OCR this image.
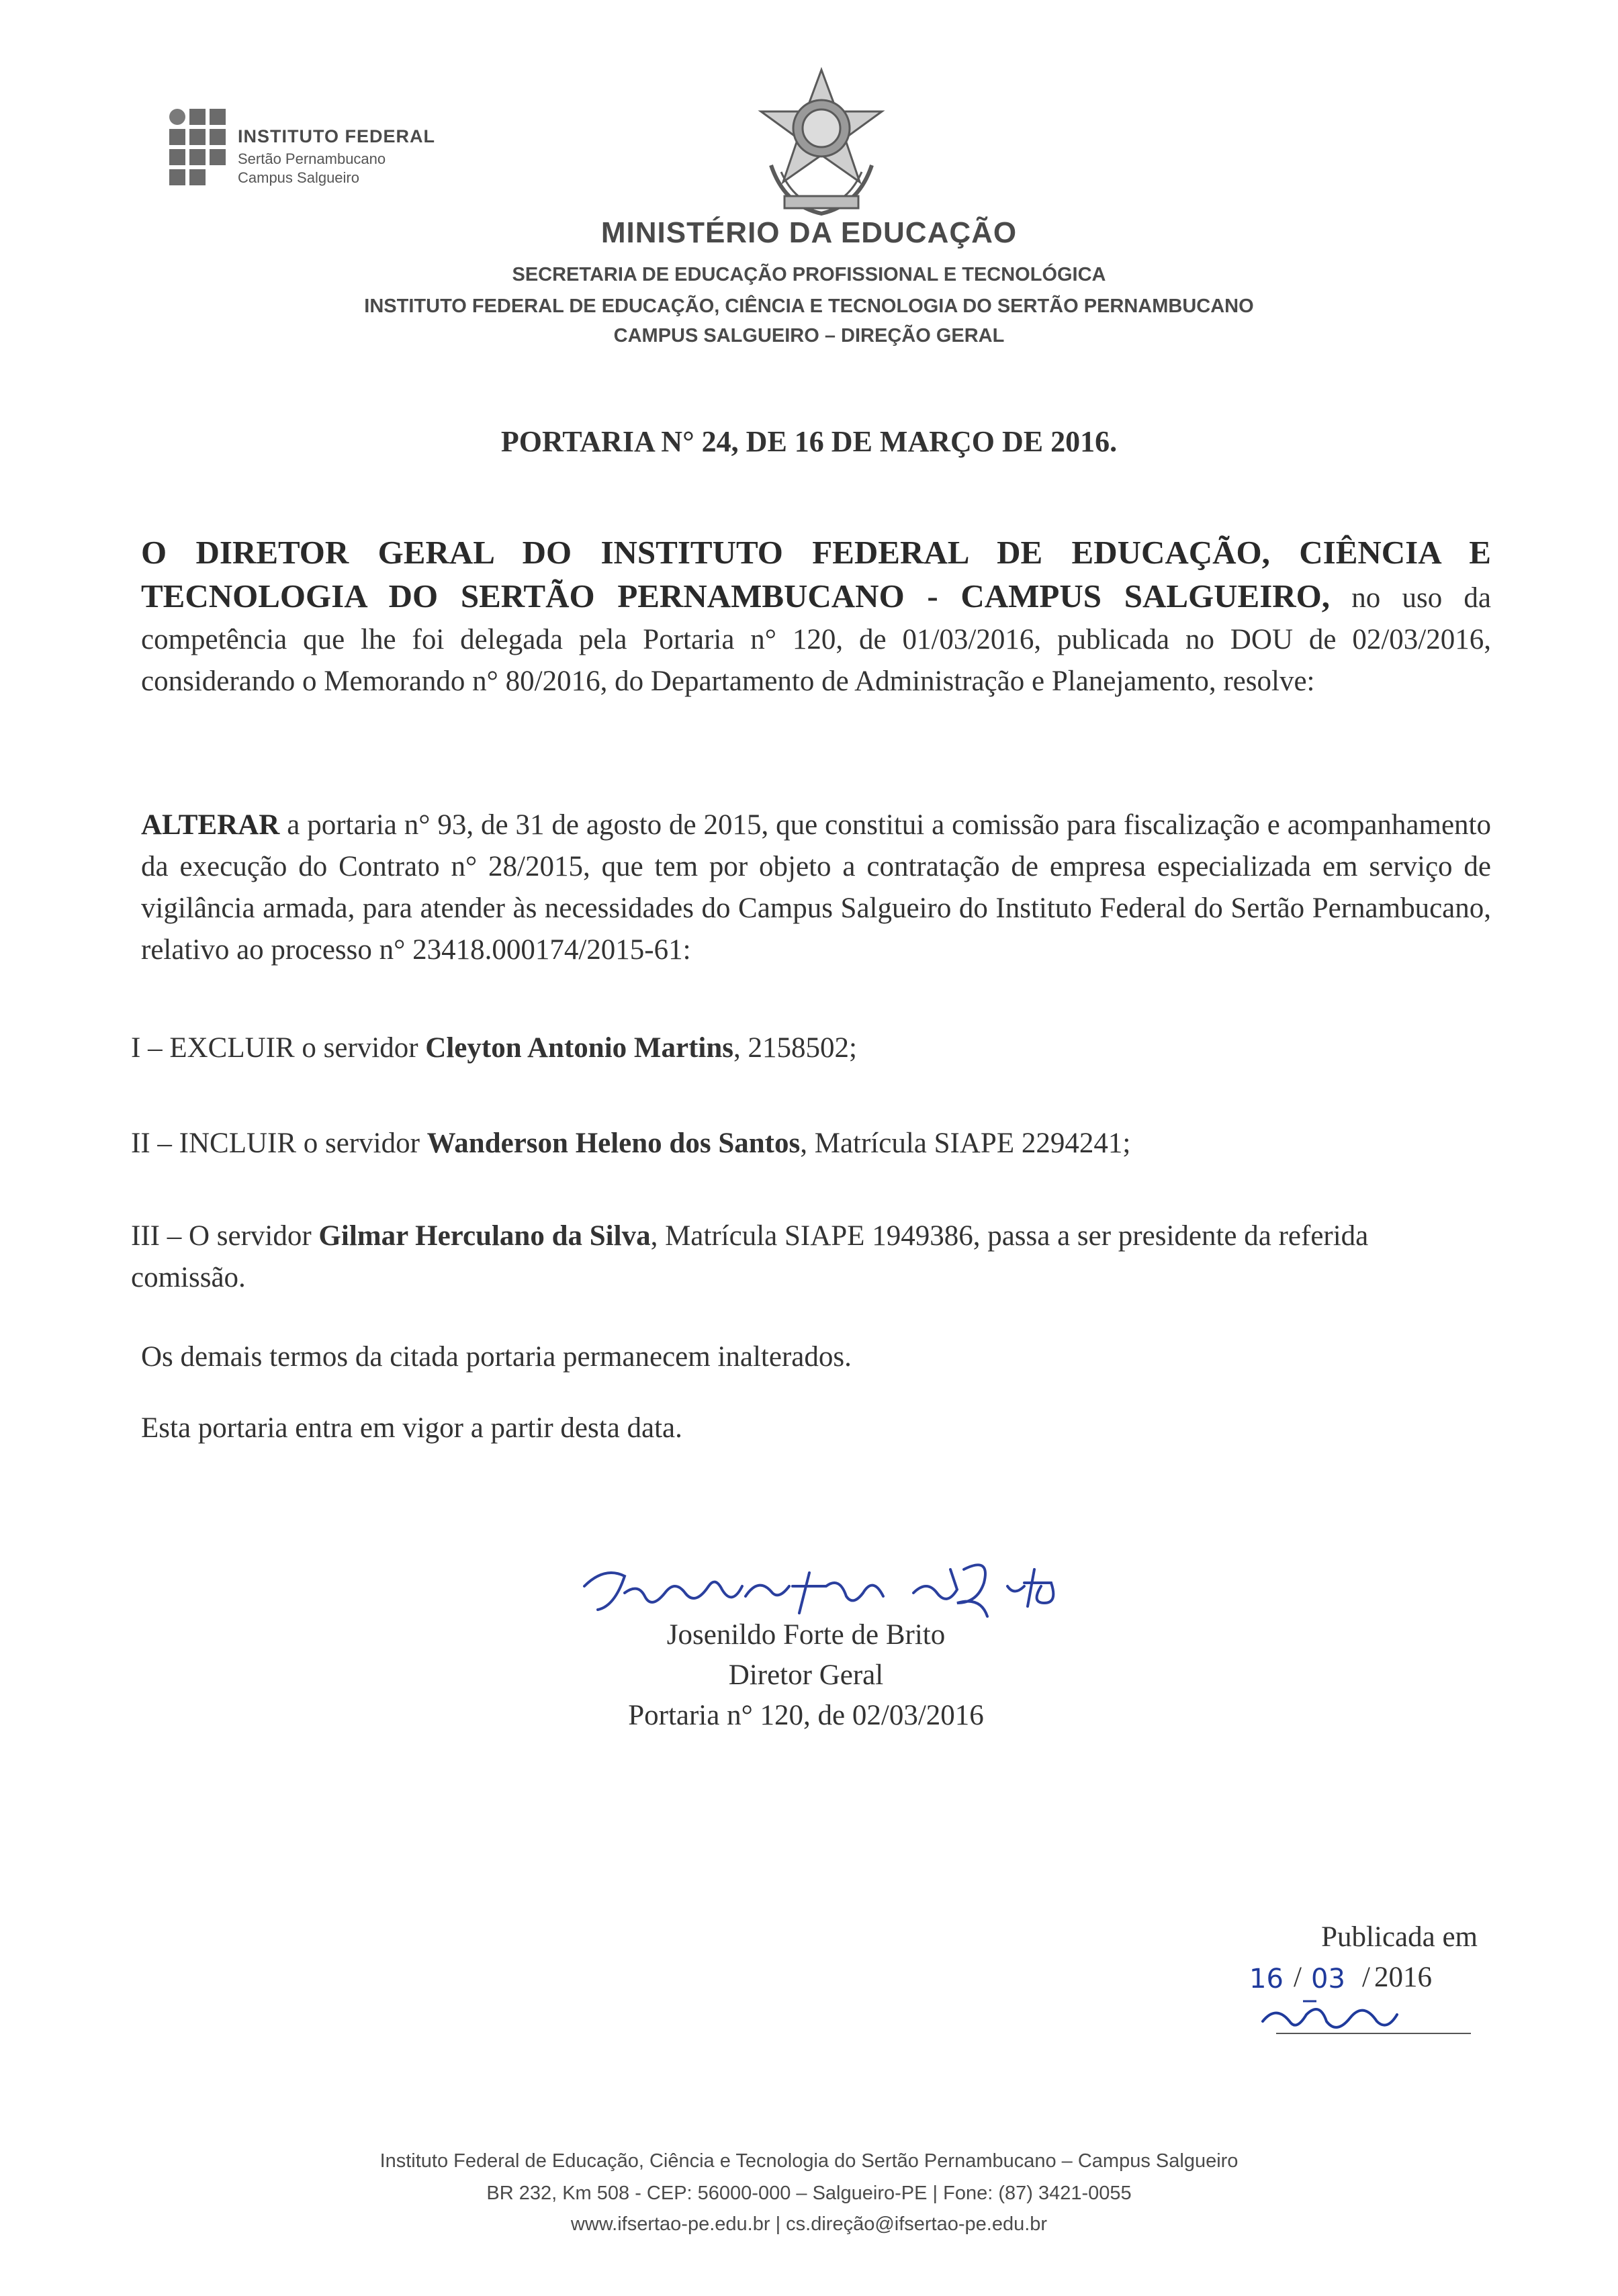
INSTITUTO FEDERAL
Sertão Pernambucano
Campus Salgueiro
MINISTÉRIO DA EDUCAÇÃO
SECRETARIA DE EDUCAÇÃO PROFISSIONAL E TECNOLÓGICA
INSTITUTO FEDERAL DE EDUCAÇÃO, CIÊNCIA E TECNOLOGIA DO SERTÃO PERNAMBUCANO
CAMPUS SALGUEIRO – DIREÇÃO GERAL
PORTARIA N° 24, DE 16 DE MARÇO DE 2016.
O DIRETOR GERAL DO INSTITUTO FEDERAL DE EDUCAÇÃO, CIÊNCIA E TECNOLOGIA DO SERTÃO PERNAMBUCANO - CAMPUS SALGUEIRO, no uso da competência que lhe foi delegada pela Portaria n° 120, de 01/03/2016, publicada no DOU de 02/03/2016, considerando o Memorando n° 80/2016, do Departamento de Administração e Planejamento, resolve:
ALTERAR a portaria n° 93, de 31 de agosto de 2015, que constitui a comissão para fiscalização e acompanhamento da execução do Contrato n° 28/2015, que tem por objeto a contratação de empresa especializada em serviço de vigilância armada, para atender às necessidades do Campus Salgueiro do Instituto Federal do Sertão Pernambucano, relativo ao processo n° 23418.000174/2015-61:
I – EXCLUIR o servidor Cleyton Antonio Martins, 2158502;
II – INCLUIR o servidor Wanderson Heleno dos Santos, Matrícula SIAPE 2294241;
III – O servidor Gilmar Herculano da Silva, Matrícula SIAPE 1949386, passa a ser presidente da referida comissão.
Os demais termos da citada portaria permanecem inalterados.
Esta portaria entra em vigor a partir desta data.
Josenildo Forte de Brito
Diretor Geral
Portaria n° 120, de 02/03/2016
Publicada em
16 / 03 / 2016
Instituto Federal de Educação, Ciência e Tecnologia do Sertão Pernambucano – Campus Salgueiro
BR 232, Km 508 - CEP: 56000-000 – Salgueiro-PE | Fone: (87) 3421-0055
www.ifsertao-pe.edu.br | cs.direção@ifsertao-pe.edu.br
